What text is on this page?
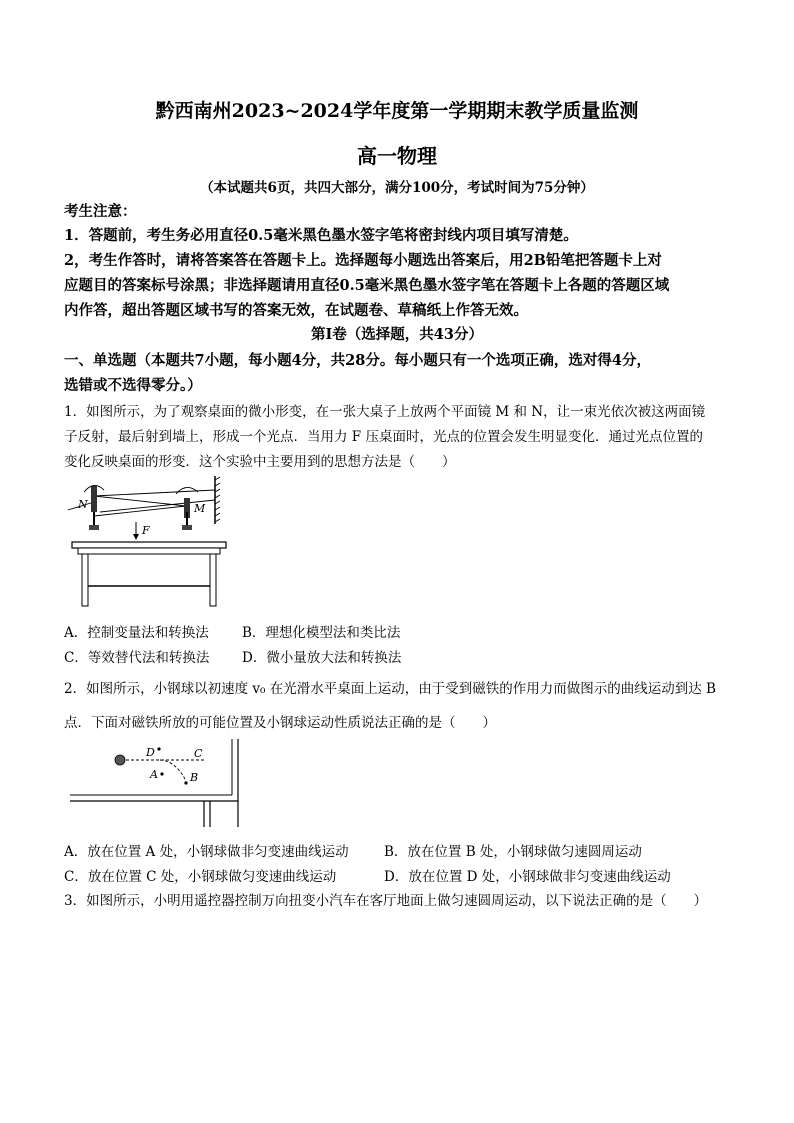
黔西南州2023~2024学年度第一学期期末教学质量监测
高一物理
（本试题共6页，共四大部分，满分100分，考试时间为75分钟）
考生注意：
1．答题前，考生务必用直径0.5毫米黑色墨水签字笔将密封线内项目填写清楚。
2，考生作答时，请将答案答在答题卡上。选择题每小题选出答案后，用2B铅笔把答题卡上对
应题目的答案标号涂黑；非选择题请用直径0.5毫米黑色墨水签字笔在答题卡上各题的答题区域
内作答，超出答题区域书写的答案无效，在试题卷、草稿纸上作答无效。
第Ⅰ卷（选择题，共43分）
一、单选题（本题共7小题，每小题4分，共28分。每小题只有一个选项正确，选对得4分，
选错或不选得零分。）
1．如图所示，为了观察桌面的微小形变，在一张大桌子上放两个平面镜 M 和 N，让一束光依次被这两面镜
子反射，最后射到墙上，形成一个光点．当用力 F 压桌面时，光点的位置会发生明显变化．通过光点位置的
变化反映桌面的形变．这个实验中主要用到的思想方法是（　　）
N	M
F
A．控制变量法和转换法 B．理想化模型法和类比法
C．等效替代法和转换法 D．微小量放大法和转换法
2．如图所示，小钢球以初速度 v₀ 在光滑水平桌面上运动，由于受到磁铁的作用力而做图示的曲线运动到达 B
点．下面对磁铁所放的可能位置及小钢球运动性质说法正确的是（　　）
D	C
A	B
A．放在位置 A 处，小钢球做非匀变速曲线运动	B．放在位置 B 处，小钢球做匀速圆周运动
C．放在位置 C 处，小钢球做匀变速曲线运动	D．放在位置 D 处，小钢球做非匀变速曲线运动
3．如图所示，小明用遥控器控制万向扭变小汽车在客厅地面上做匀速圆周运动，以下说法正确的是（　　）
